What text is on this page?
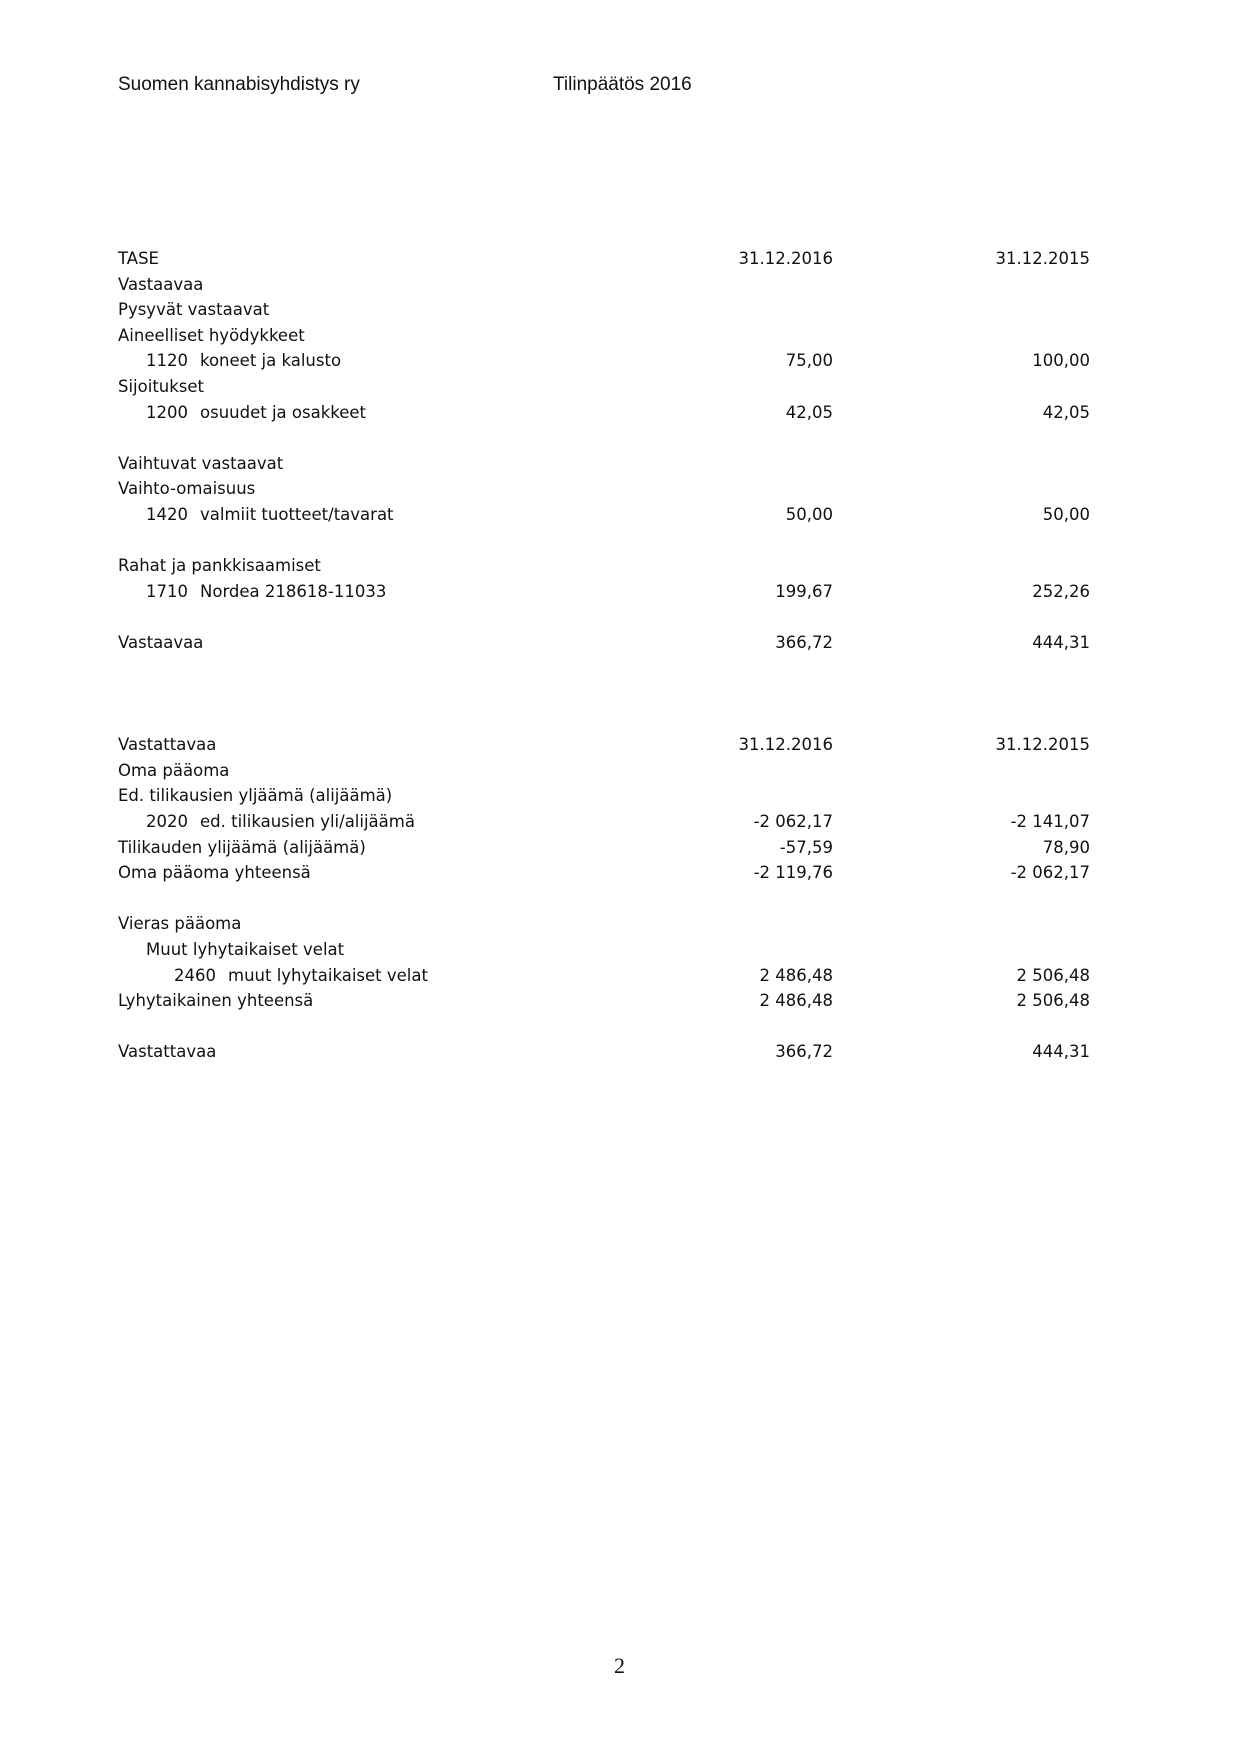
Suomen kannabisyhdistys ry	Tilinpäätös 2016
TASE	31.12.2016	31.12.2015
Vastaavaa
Pysyvät vastaavat
Aineelliset hyödykkeet
1120 koneet ja kalusto	75,00	100,00
Sijoitukset
1200 osuudet ja osakkeet	42,05	42,05
Vaihtuvat vastaavat
Vaihto-omaisuus
1420 valmiit tuotteet/tavarat	50,00	50,00
Rahat ja pankkisaamiset
1710 Nordea 218618-11033	199,67	252,26
Vastaavaa	366,72	444,31
Vastattavaa	31.12.2016	31.12.2015
Oma pääoma
Ed. tilikausien yljäämä (alijäämä)
2020 ed. tilikausien yli/alijäämä	-2 062,17	-2 141,07
Tilikauden ylijäämä (alijäämä)	-57,59	78,90
Oma pääoma yhteensä	-2 119,76	-2 062,17
Vieras pääoma
Muut lyhytaikaiset velat
2460 muut lyhytaikaiset velat	2 486,48	2 506,48
Lyhytaikainen yhteensä	2 486,48	2 506,48
Vastattavaa	366,72	444,31
2
